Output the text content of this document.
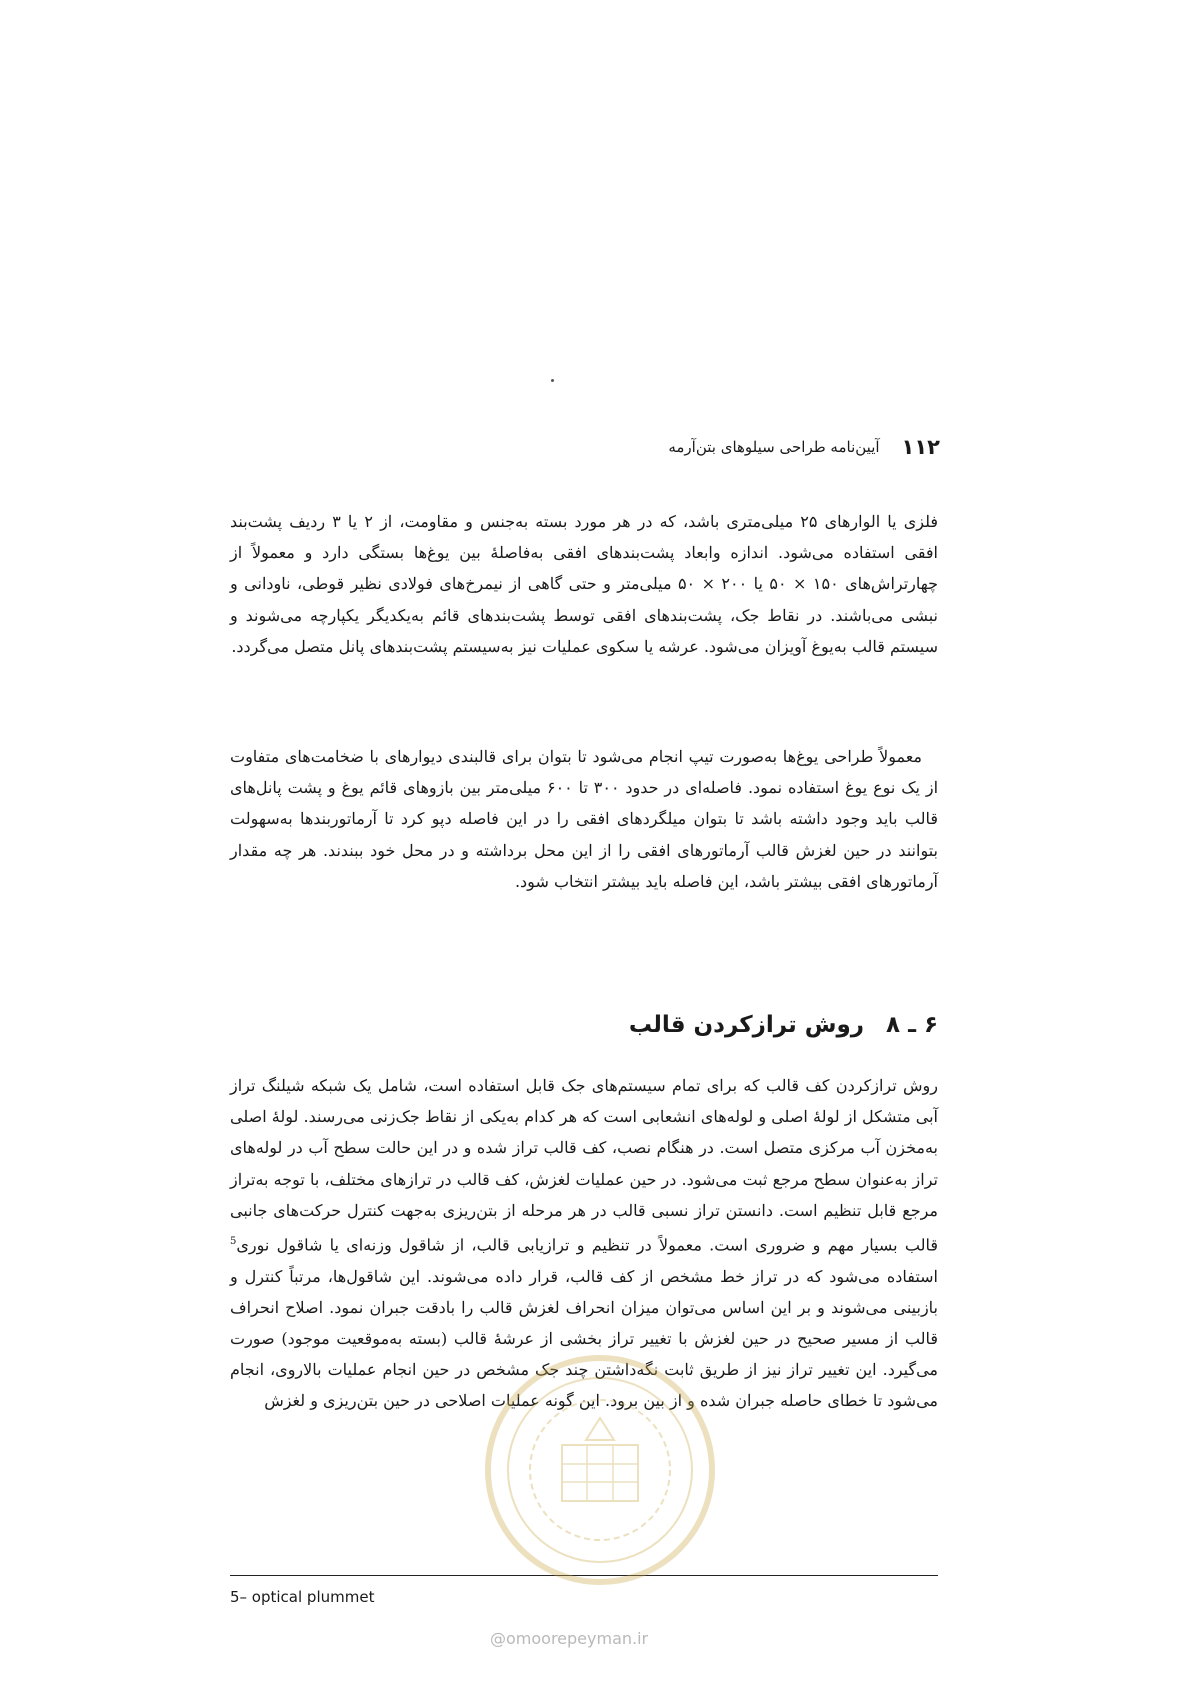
۱۱۲
آیین‌نامه طراحی سیلوهای بتن‌آرمه

فلزی یا الوارهای ۲۵ میلی‌متری باشد، که در هر مورد بسته به‌جنس و مقاومت، از ۲ یا ۳ ردیف پشت‌بند افقی استفاده می‌شود. اندازه وابعاد پشت‌بندهای افقی به‌فاصلهٔ بین یوغ‌ها بستگی دارد و معمولاً از چهارتراش‌های ۱۵۰ × ۵۰ یا ۲۰۰ × ۵۰ میلی‌متر و حتی گاهی از نیمرخ‌های فولادی نظیر قوطی، ناودانی و نبشی می‌باشند. در نقاط جک، پشت‌بندهای افقی توسط پشت‌بندهای قائم به‌یکدیگر یکپارچه می‌شوند و سیستم قالب به‌یوغ آویزان می‌شود. عرشه یا سکوی عملیات نیز به‌سیستم پشت‌بندهای پانل متصل می‌گردد.

معمولاً طراحی یوغ‌ها به‌صورت تیپ انجام می‌شود تا بتوان برای قالبندی دیوارهای با ضخامت‌های متفاوت از یک نوع یوغ استفاده نمود. فاصله‌ای در حدود ۳۰۰ تا ۶۰۰ میلی‌متر بین بازوهای قائم یوغ و پشت پانل‌های قالب باید وجود داشته باشد تا بتوان میلگردهای افقی را در این فاصله دپو کرد تا آرماتوربندها به‌سهولت بتوانند در حین لغزش قالب آرماتورهای افقی را از این محل برداشته و در محل خود ببندند. هر چه مقدار آرماتورهای افقی بیشتر باشد، این فاصله باید بیشتر انتخاب شود.

۶ ـ ۸ روش ترازکردن قالب

روش ترازکردن کف قالب که برای تمام سیستم‌های جک قابل استفاده است، شامل یک شبکه شیلنگ تراز آبی متشکل از لولهٔ اصلی و لوله‌های انشعابی است که هر کدام به‌یکی از نقاط جک‌زنی می‌رسند. لولهٔ اصلی به‌مخزن آب مرکزی متصل است. در هنگام نصب، کف قالب تراز شده و در این حالت سطح آب در لوله‌های تراز به‌عنوان سطح مرجع ثبت می‌شود. در حین عملیات لغزش، کف قالب در ترازهای مختلف، با توجه به‌تراز مرجع قابل تنظیم است. دانستن تراز نسبی قالب در هر مرحله از بتن‌ریزی به‌جهت کنترل حرکت‌های جانبی قالب بسیار مهم و ضروری است. معمولاً در تنظیم و ترازیابی قالب، از شاقول وزنه‌ای یا شاقول نوری$^5$ استفاده می‌شود که در تراز خط مشخص از کف قالب، قرار داده می‌شوند. این شاقول‌ها، مرتباً کنترل و بازبینی می‌شوند و بر این اساس می‌توان میزان انحراف لغزش قالب را بادقت جبران نمود. اصلاح انحراف قالب از مسیر صحیح در حین لغزش با تغییر تراز بخشی از عرشهٔ قالب (بسته به‌موقعیت موجود) صورت می‌گیرد. این تغییر تراز نیز از طریق ثابت نگه‌داشتن چند جک مشخص در حین انجام عملیات بالاروی، انجام می‌شود تا خطای حاصله جبران شده و از بین برود. این گونه عملیات اصلاحی در حین بتن‌ریزی و لغزش

5– optical plummet
@omoorepeyman.ir
